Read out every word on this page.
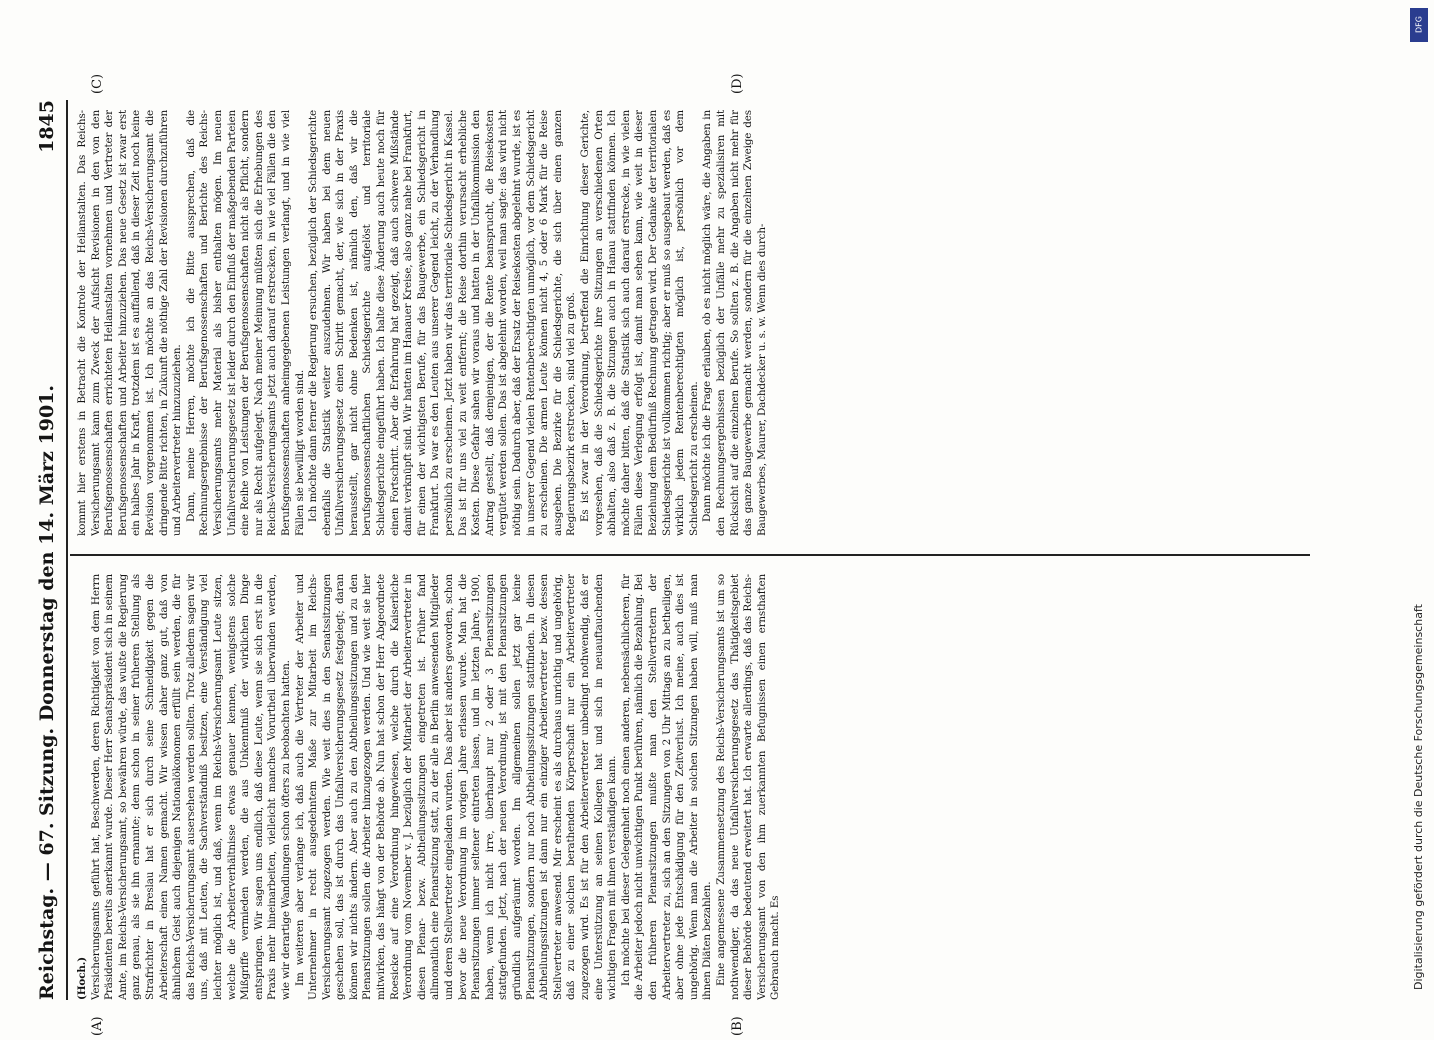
Reichstag. — 67. Sitzung. Donnerstag den 14. März 1901.
1845

(Hoch.) Versicherungsamts geführt hat, Beschwerden, deren Richtigkeit von dem Herrn Präsidenten bereits anerkannt wurde. Dieser Herr Senatspräsident sich in seinem Amte, im Reichs-Versicherungsamt, so bewähren würde, das wußte die Regierung ganz genau, als sie ihn ernannte; denn schon in seiner früheren Stellung als Strafrichter in Breslau hat er sich durch seine Schneidigkeit gegen die Arbeiterschaft einen Namen gemacht. Wir wissen daher ganz gut, daß von ähnlichem Geist auch diejenigen Nationalökonomen erfüllt sein werden, die für das Reichs-Versicherungsamt ausersehen werden sollten. Trotz alledem sagen wir uns, daß mit Leuten, die Sachverständniß besitzen, eine Verständigung viel leichter möglich ist, und daß, wenn im Reichs-Versicherungsamt Leute sitzen, welche die Arbeiterverhältnisse etwas genauer kennen, wenigstens solche Mißgriffe vermieden werden, die aus Unkenntniß der wirklichen Dinge entspringen. Wir sagen uns endlich, daß diese Leute, wenn sie sich erst in die Praxis mehr hineinarbeiten, vielleicht manches Vorurtheil überwinden werden, wie wir derartige Wandlungen schon öfters zu beobachten hatten. Im weiteren aber verlange ich, daß auch die Vertreter der Arbeiter und Unternehmer in recht ausgedehntem Maße zur Mitarbeit im Reichs-Versicherungsamt zugezogen werden. Wie weit dies in den Senatssitzungen geschehen soll, das ist durch das Unfallversicherungsgesetz festgelegt; daran können wir nichts ändern. Aber auch zu den Abtheilungssitzungen und zu den Plenarsitzungen sollen die Arbeiter hinzugezogen werden. Und wie weit sie hier mitwirken, das hängt von der Behörde ab. Nun hat schon der Herr Abgeordnete Roesicke auf eine Verordnung hingewiesen, welche durch die Kaiserliche Verordnung vom November v. J. bezüglich der Mitarbeit der Arbeitervertreter in diesen Plenar- bezw. Abtheilungssitzungen eingetreten ist. Früher fand allmonatlich eine Plenarsitzung statt, zu der alle in Berlin anwesenden Mitglieder und deren Stellvertreter eingeladen wurden. Das aber ist anders geworden, schon bevor die neue Verordnung im vorigen Jahre erlassen wurde. Man hat die Plenarsitzungen immer seltener eintreten lassen, und im letzten Jahre, 1900, haben, wenn ich nicht irre, überhaupt nur 2 oder 3 Plenarsitzungen stattgefunden. Jetzt, nach der neuen Verordnung, ist mit den Plenarsitzungen gründlich aufgeräumt worden. Im allgemeinen sollen jetzt gar keine Plenarsitzungen, sondern nur noch Abtheilungssitzungen stattfinden. In diesen Abtheilungssitzungen ist dann nur ein einziger Arbeitervertreter bezw. dessen Stellvertreter anwesend. Mir erscheint es als durchaus unrichtig und ungehörig, daß zu einer solchen berathenden Körperschaft nur ein Arbeitervertreter zugezogen wird. Es ist für den Arbeitervertreter unbedingt nothwendig, daß er eine Unterstützung an seinen Kollegen hat und sich in neuauftauchenden wichtigen Fragen mit ihnen verständigen kann. Ich möchte bei dieser Gelegenheit noch einen anderen, nebensächlicheren, für die Arbeiter jedoch nicht unwichtigen Punkt berühren, nämlich die Bezahlung. Bei den früheren Plenarsitzungen mußte man den Stellvertretern der Arbeitervertreter zu, sich an den Sitzungen von 2 Uhr Mittags an zu betheiligen, aber ohne jede Entschädigung für den Zeitverlust. Ich meine, auch dies ist ungehörig. Wenn man die Arbeiter in solchen Sitzungen haben will, muß man ihnen Diäten bezahlen. Eine angemessene Zusammensetzung des Reichs-Versicherungsamts ist um so nothwendiger, da das neue Unfallversicherungsgesetz das Thätigkeitsgebiet dieser Behörde bedeutend erweitert hat. Ich erwarte allerdings, daß das Reichs-Versicherungsamt von den ihm zuerkannten Befugnissen einen ernsthaften Gebrauch macht. Es

kommt hier erstens in Betracht die Kontrole der Heilanstalten. Das Reichs-Versicherungsamt kann zum Zweck der Aufsicht Revisionen in den von den Berufsgenossenschaften errichteten Heilanstalten vornehmen und Vertreter der Berufsgenossenschaften und Arbeiter hinzuziehen. Das neue Gesetz ist zwar erst ein halbes Jahr in Kraft, trotzdem ist es auffallend, daß in dieser Zeit noch keine Revision vorgenommen ist. Ich möchte an das Reichs-Versicherungsamt die dringende Bitte richten, in Zukunft die nöthige Zahl der Revisionen durchzuführen und Arbeitervertreter hinzuzuziehen. Dann, meine Herren, möchte ich die Bitte aussprechen, daß die Rechnungsergebnisse der Berufsgenossenschaften und Berichte des Reichs-Versicherungsamts mehr Material als bisher enthalten mögen. Im neuen Unfallversicherungsgesetz ist leider durch den Einfluß der maßgebenden Parteien eine Reihe von Leistungen der Berufsgenossenschaften nicht als Pflicht, sondern nur als Recht aufgelegt. Nach meiner Meinung müßten sich die Erhebungen des Reichs-Versicherungsamts jetzt auch darauf erstrecken, in wie viel Fällen die den Berufsgenossenschaften anheimgegebenen Leistungen verlangt, und in wie viel Fällen sie bewilligt worden sind. Ich möchte dann ferner die Regierung ersuchen, bezüglich der Schiedsgerichte ebenfalls die Statistik weiter auszudehnen. Wir haben bei dem neuen Unfallversicherungsgesetz einen Schritt gemacht, der, wie sich in der Praxis herausstellt, gar nicht ohne Bedenken ist, nämlich den, daß wir die berufsgenossenschaftlichen Schiedsgerichte aufgelöst und territoriale Schiedsgerichte eingeführt haben. Ich halte diese Änderung auch heute noch für einen Fortschritt. Aber die Erfahrung hat gezeigt, daß auch schwere Mißstände damit verknüpft sind. Wir hatten im Hanauer Kreise, also ganz nahe bei Frankfurt, für einen der wichtigsten Berufe, für das Baugewerbe, ein Schiedsgericht in Frankfurt. Da war es den Leuten aus unserer Gegend leicht, zu der Verhandlung persönlich zu erscheinen. Jetzt haben wir das territoriale Schiedsgericht in Kassel. Das ist für uns viel zu weit entfernt; die Reise dorthin verursacht erhebliche Kosten. Diese Gefahr sahen wir voraus und hatten in der Unfallkommission den Antrag gestellt, daß demjenigen, der die Rente beansprucht, die Reisekosten vergütet werden sollen. Das ist abgelehnt worden, weil man sagte: das wird nicht nöthig sein. Dadurch aber, daß der Ersatz der Reisekosten abgelehnt wurde, ist es in unserer Gegend vielen Rentenberechtigten unmöglich, vor dem Schiedsgericht zu erscheinen. Die armen Leute können nicht 4, 5 oder 6 Mark für die Reise ausgeben. Die Bezirke für die Schiedsgerichte, die sich über einen ganzen Regierungsbezirk erstrecken, sind viel zu groß. Es ist zwar in der Verordnung, betreffend die Einrichtung dieser Gerichte, vorgesehen, daß die Schiedsgerichte ihre Sitzungen an verschiedenen Orten abhalten, also daß z. B. die Sitzungen auch in Hanau stattfinden können. Ich möchte daher bitten, daß die Statistik sich auch darauf erstrecke, in wie vielen Fällen diese Verlegung erfolgt ist, damit man sehen kann, wie weit in dieser Beziehung dem Bedürfniß Rechnung getragen wird. Der Gedanke der territorialen Schiedsgerichte ist vollkommen richtig; aber er muß so ausgebaut werden, daß es wirklich jedem Rentenberechtigten möglich ist, persönlich vor dem Schiedsgericht zu erscheinen. Dann möchte ich die Frage erlauben, ob es nicht möglich wäre, die Angaben in den Rechnungsergebnissen bezüglich der Unfälle mehr zu spezialisiren mit Rücksicht auf die einzelnen Berufe. So sollten z. B. die Angaben nicht mehr für das ganze Baugewerbe gemacht werden, sondern für die einzelnen Zweige des Baugewerbes, Maurer, Dachdecker u. s. w. Wenn dies durch-

(A)	(B)
(C)	(D)
DFG
Digitalisierung gefördert durch die Deutsche Forschungsgemeinschaft
